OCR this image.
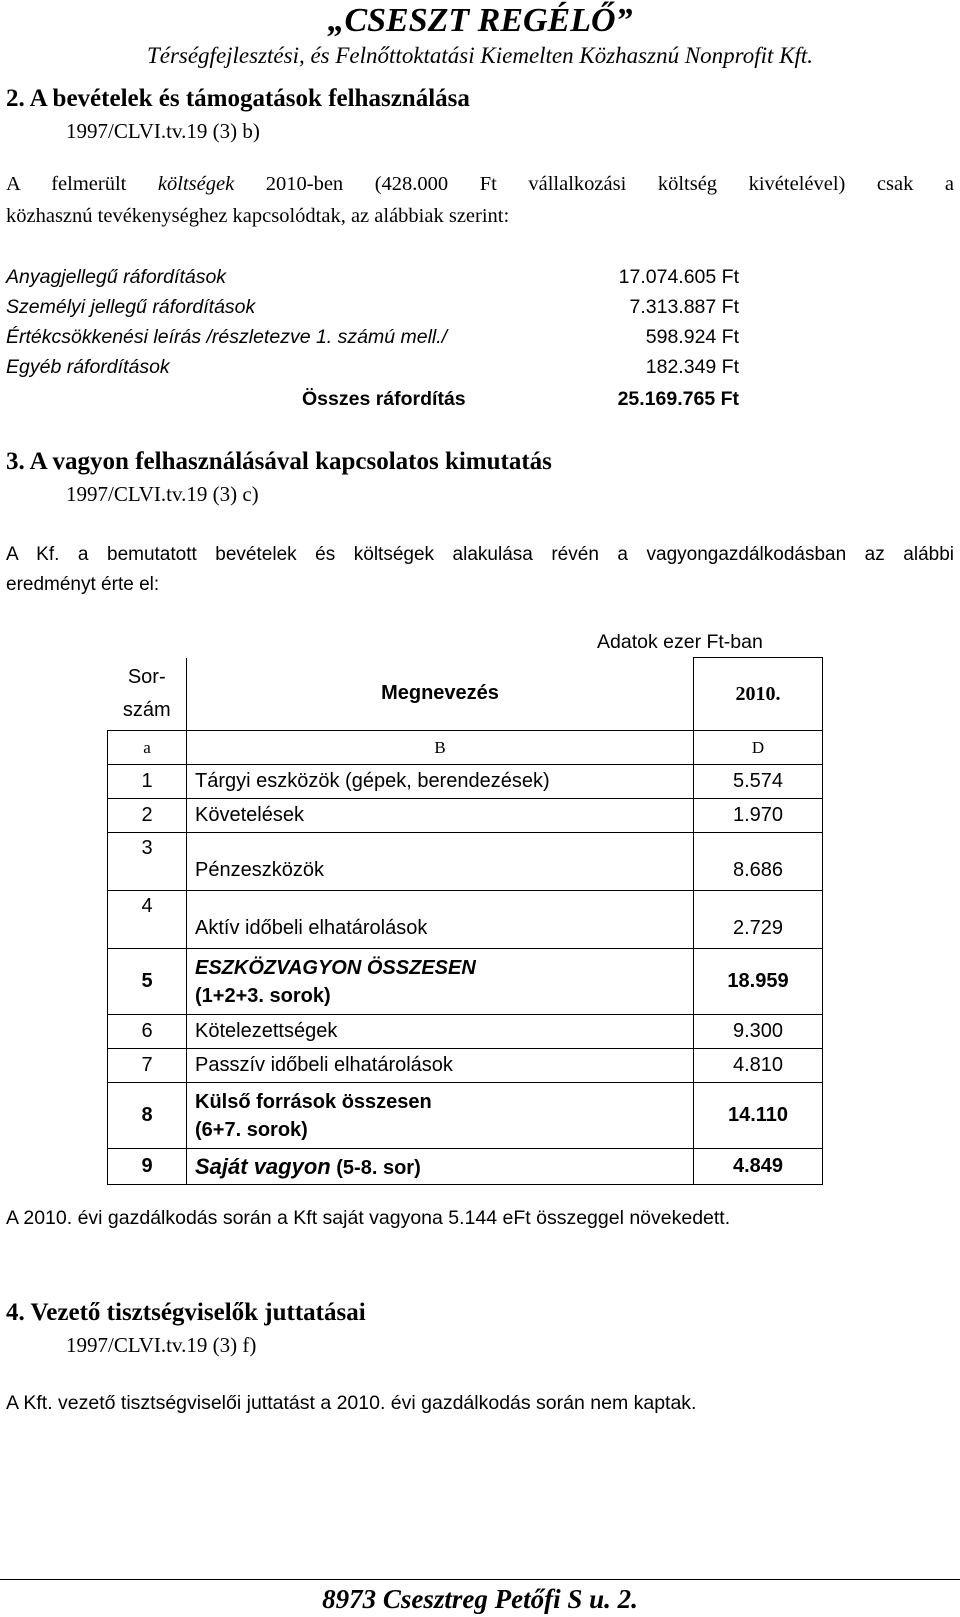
„CSESZT REGÉLŐ”
Térségfejlesztési, és Felnőttoktatási Kiemelten Közhasznú Nonprofit Kft.
2. A bevételek és támogatások felhasználása
1997/CLVI.tv.19 (3) b)
A felmerült költségek 2010-ben (428.000 Ft vállalkozási költség kivételével) csak a
közhasznú tevékenységhez kapcsolódtak, az alábbiak szerint:
Anyagjellegű ráfordítások	17.074.605 Ft
Személyi jellegű ráfordítások	7.313.887 Ft
Értékcsökkenési leírás /részletezve 1. számú mell./	598.924 Ft
Egyéb ráfordítások	182.349 Ft
Összes ráfordítás	25.169.765 Ft
3. A vagyon felhasználásával kapcsolatos kimutatás
1997/CLVI.tv.19 (3) c)
A Kf. a bemutatott bevételek és költségek alakulása révén a vagyongazdálkodásban az alábbi
eredményt érte el:
Adatok ezer Ft-ban
Sor-
szám	Megnevezés	2010.
a	B	D
1	Tárgyi eszközök (gépek, berendezések)	5.574
2	Követelések	1.970
3	Pénzeszközök	8.686
4	Aktív időbeli elhatárolások	2.729
5	ESZKÖZVAGYON ÖSSZESEN
(1+2+3. sorok)	18.959
6	Kötelezettségek	9.300
7	Passzív időbeli elhatárolások	4.810
8	Külső források összesen
(6+7. sorok)	14.110
9	Saját vagyon (5-8. sor)	4.849
A 2010. évi gazdálkodás során a Kft saját vagyona 5.144 eFt összeggel növekedett.
4. Vezető tisztségviselők juttatásai
1997/CLVI.tv.19 (3) f)
A Kft. vezető tisztségviselői juttatást a 2010. évi gazdálkodás során nem kaptak.
8973 Csesztreg Petőfi S u. 2.
